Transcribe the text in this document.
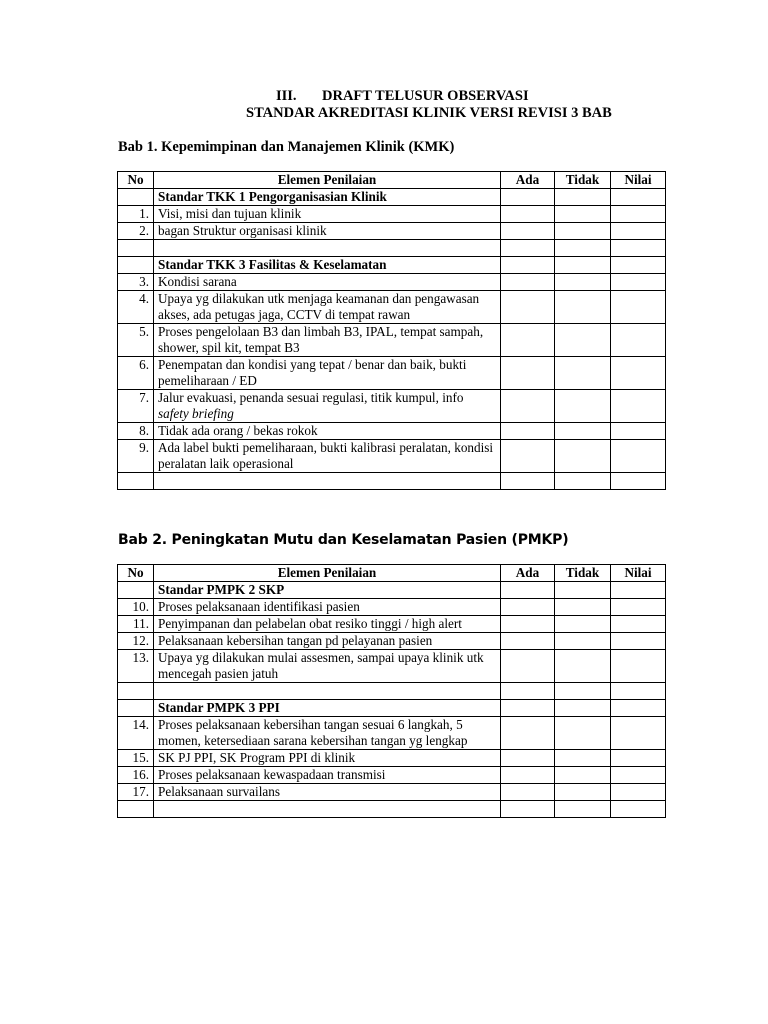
III. DRAFT TELUSUR OBSERVASI
STANDAR AKREDITASI KLINIK VERSI REVISI 3 BAB
Bab 1. Kepemimpinan dan Manajemen Klinik (KMK)
No	Elemen Penilaian	Ada	Tidak	Nilai
	Standar TKK 1 Pengorganisasian Klinik			
1.	Visi, misi dan tujuan klinik			
2.	bagan Struktur organisasi klinik			

	Standar TKK 3 Fasilitas & Keselamatan			
3.	Kondisi sarana			
4.	Upaya yg dilakukan utk menjaga keamanan dan pengawasan akses, ada petugas jaga, CCTV di tempat rawan			
5.	Proses pengelolaan B3 dan limbah B3, IPAL, tempat sampah, shower, spil kit, tempat B3			
6.	Penempatan dan kondisi yang tepat / benar dan baik, bukti pemeliharaan / ED			
7.	Jalur evakuasi, penanda sesuai regulasi, titik kumpul, info safety briefing			
8.	Tidak ada orang / bekas rokok			
9.	Ada label bukti pemeliharaan, bukti kalibrasi peralatan, kondisi peralatan laik operasional			

Bab 2. Peningkatan Mutu dan Keselamatan Pasien (PMKP)
No	Elemen Penilaian	Ada	Tidak	Nilai
	Standar PMPK 2 SKP			
10.	Proses pelaksanaan identifikasi pasien			
11.	Penyimpanan dan pelabelan obat resiko tinggi / high alert			
12.	Pelaksanaan kebersihan tangan pd pelayanan pasien			
13.	Upaya yg dilakukan mulai assesmen, sampai upaya klinik utk mencegah pasien jatuh			

	Standar PMPK 3 PPI			
14.	Proses pelaksanaan kebersihan tangan sesuai 6 langkah, 5 momen, ketersediaan sarana kebersihan tangan yg lengkap			
15.	SK PJ PPI, SK Program PPI di klinik			
16.	Proses pelaksanaan kewaspadaan transmisi			
17.	Pelaksanaan survailans			
